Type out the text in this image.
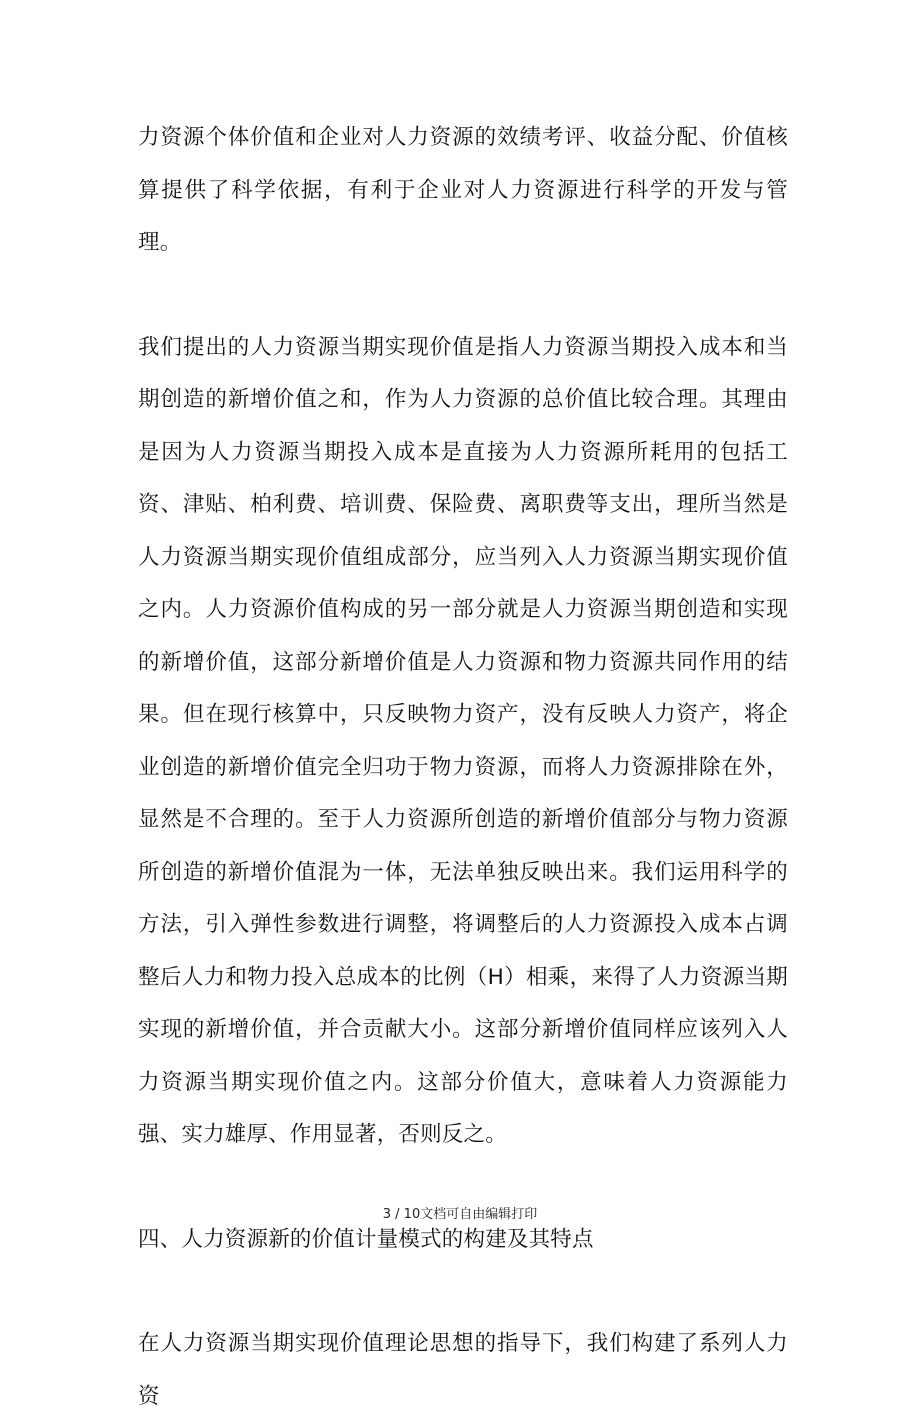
力资源个体价值和企业对人力资源的效绩考评、收益分配、价值核算提供了科学依据，有利于企业对人力资源进行科学的开发与管理。

我们提出的人力资源当期实现价值是指人力资源当期投入成本和当期创造的新增价值之和，作为人力资源的总价值比较合理。其理由是因为人力资源当期投入成本是直接为人力资源所耗用的包括工资、津贴、柏利费、培训费、保险费、离职费等支出，理所当然是人力资源当期实现价值组成部分，应当列入人力资源当期实现价值之内。人力资源价值构成的另一部分就是人力资源当期创造和实现的新增价值，这部分新增价值是人力资源和物力资源共同作用的结果。但在现行核算中，只反映物力资产，没有反映人力资产，将企业创造的新增价值完全归功于物力资源，而将人力资源排除在外，显然是不合理的。至于人力资源所创造的新增价值部分与物力资源所创造的新增价值混为一体，无法单独反映出来。我们运用科学的方法，引入弹性参数进行调整，将调整后的人力资源投入成本占调整后人力和物力投入总成本的比例（H）相乘，来得了人力资源当期实现的新增价值，并合贡献大小。这部分新增价值同样应该列入人力资源当期实现价值之内。这部分价值大，意味着人力资源能力强、实力雄厚、作用显著，否则反之。

四、人力资源新的价值计量模式的构建及其特点

在人力资源当期实现价值理论思想的指导下，我们构建了系列人力资

3 / 10文档可自由编辑打印
